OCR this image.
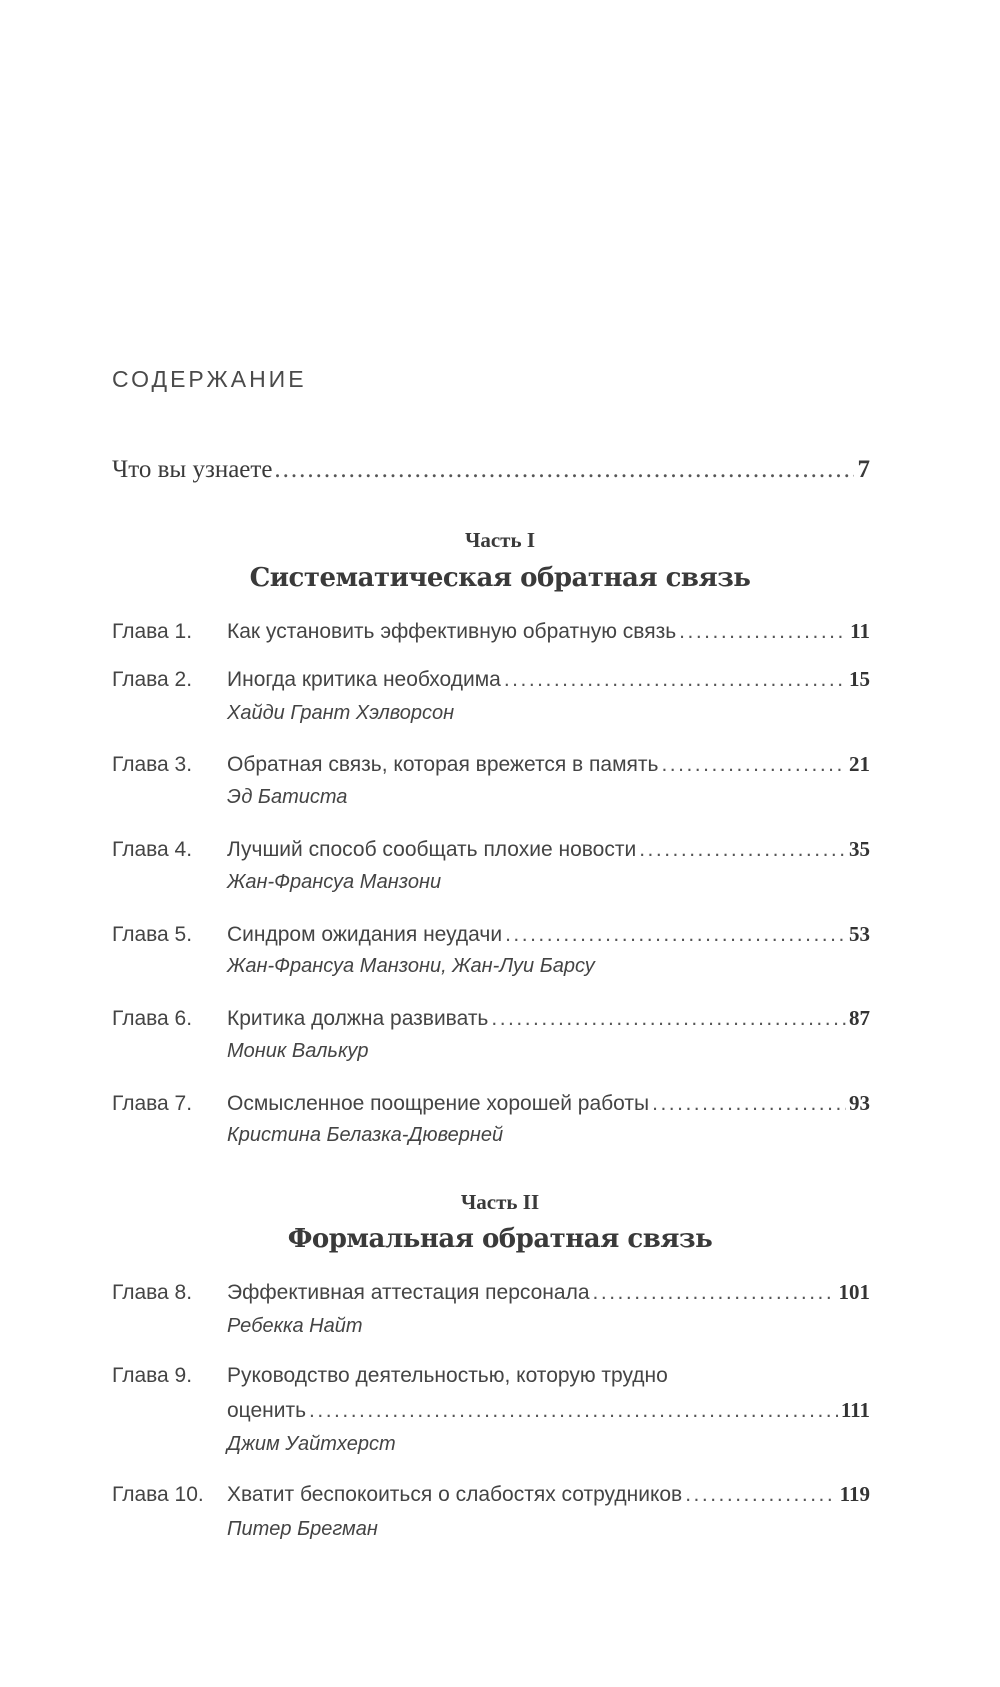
СОДЕРЖАНИЕ
Что вы узнаете .....	7
Часть I
Систематическая обратная связь
Глава 1.	Как установить эффективную обратную связь .....	11
Глава 2.	Иногда критика необходима .....	15
Хайди Грант Хэлворсон
Глава 3.	Обратная связь, которая врежется в память .....	21
Эд Батиста
Глава 4.	Лучший способ сообщать плохие новости .....	35
Жан-Франсуа Манзони
Глава 5.	Синдром ожидания неудачи .....	53
Жан-Франсуа Манзони, Жан-Луи Барсу
Глава 6.	Критика должна развивать .....	87
Моник Валькур
Глава 7.	Осмысленное поощрение хорошей работы .....	93
Кристина Белазка-Дюверней
Часть II
Формальная обратная связь
Глава 8.	Эффективная аттестация персонала .....	101
Ребекка Найт
Глава 9.	Руководство деятельностью, которую трудно
оценить .....	111
Джим Уайтхерст
Глава 10.	Хватит беспокоиться о слабостях сотрудников .....	119
Питер Брегман
